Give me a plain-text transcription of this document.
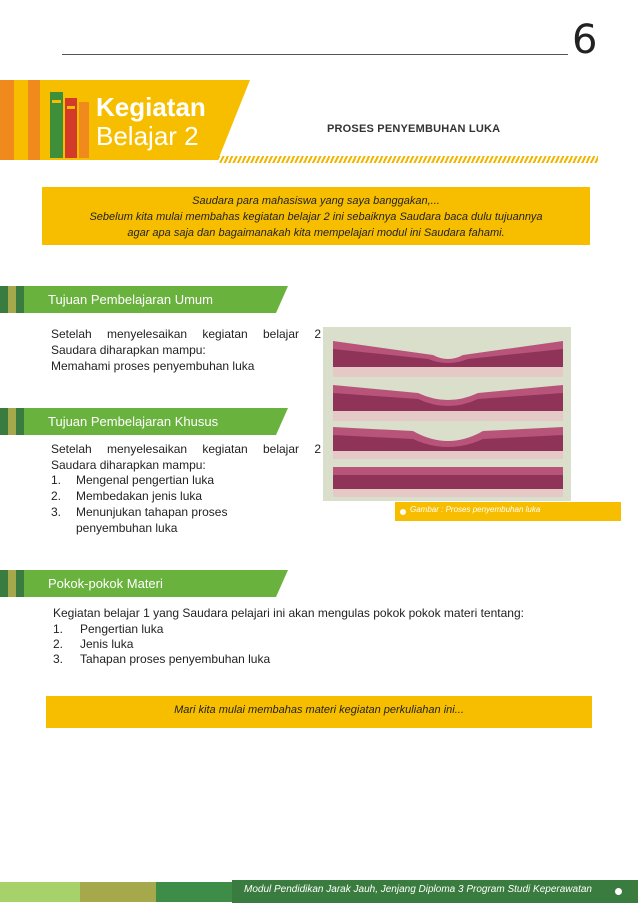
6
Kegiatan
Belajar 2	PROSES PENYEMBUHAN LUKA
Saudara para mahasiswa yang saya banggakan,...
Sebelum kita mulai membahas kegiatan belajar 2 ini sebaiknya Saudara baca dulu tujuannya
agar apa saja dan bagaimanakah kita mempelajari modul ini Saudara fahami.
Tujuan Pembelajaran Umum
Setelah menyelesaikan kegiatan belajar 2
Saudara diharapkan mampu:
Memahami proses penyembuhan luka
Tujuan Pembelajaran Khusus
Setelah menyelesaikan kegiatan belajar 2
Saudara diharapkan mampu:
1. Mengenal pengertian luka
2. Membedakan jenis luka
3. Menunjukan tahapan proses
penyembuhan luka
Gambar : Proses penyembuhan luka
Pokok-pokok Materi
Kegiatan belajar 1 yang Saudara pelajari ini akan mengulas pokok pokok materi tentang:
1. Pengertian luka
2. Jenis luka
3. Tahapan proses penyembuhan luka
Mari kita mulai membahas materi kegiatan perkuliahan ini...
Modul Pendidikan Jarak Jauh, Jenjang Diploma 3 Program Studi Keperawatan
